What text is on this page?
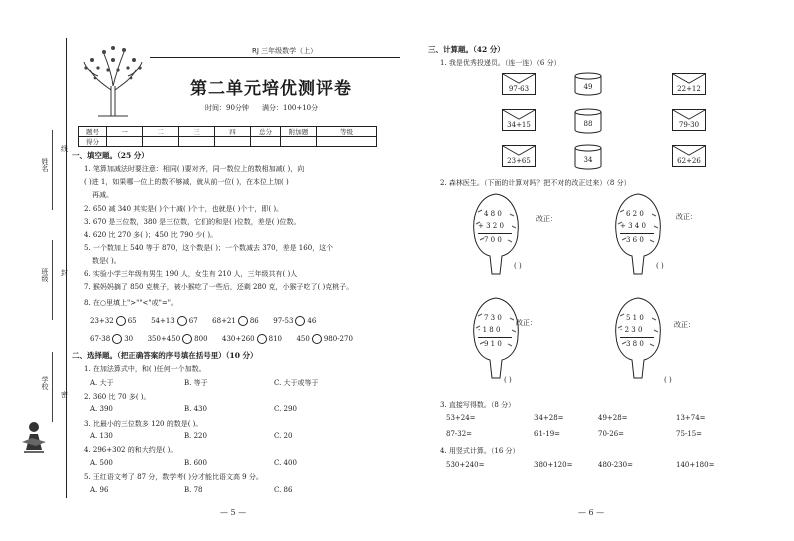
RJ 三年级数学（上）
第二单元培优测评卷
时间：90分钟 满分：100+10分
题号	一	二	三	四	总分	附加题	等级
得分							
姓名
班级
学校
线
封
密
一、填空题。（25 分）
1. 笔算加减法时要注意：相同( )要对齐，同一数位上的数相加减( )，向
( )进 1，如果哪一位上的数不够减，就从前一位( )，在本位上加( )
再减。
2. 650 减 340 其实是( )个十减( )个十，也就是( )个十，即( )。
3. 670 是三位数，380 是三位数，它们的和是( )位数，差是( )位数。
4. 620 比 270 多( )；450 比 790 少( )。
5. 一个数加上 540 等于 870，这个数是( )；一个数减去 370，差是 160，这个
数是( )。
6. 实验小学三年级有男生 190 人，女生有 210 人，三年级共有( )人
7. 猴妈妈摘了 850 克桃子，被小猴吃了一些后，还剩 280 克，小猴子吃了( )克桃子。
8. 在○里填上">""<"或"="。
23+32 65 54+13 67 68+21 86 97-53 46
67-38 30 350+450 800 430+260 810 450 980-270
二、选择题。（把正确答案的序号填在括号里）（10 分）
1. 在加法算式中，和( )任何一个加数。
A. 大于	B. 等于	C. 大于或等于
2. 360 比 70 多( )。
A. 390	B. 430	C. 290
3. 比最小的三位数多 120 的数是( )。
A. 130	B. 220	C. 20
4. 296+302 的和大约是( )。
A. 500	B. 600	C. 400
5. 王红语文考了 87 分，数学考( )分才能比语文高 9 分。
A. 96	B. 78	C. 86
— 5 —
三、计算题。（42 分）
1. 我是优秀投递员。（连一连）（6 分）
97-63
34+15
23+65
22+12
79-30
62+26
49
88
34
2. 森林医生。（下面的计算对吗？把不对的改正过来）（8 分）
4 8 0
+ 3 2 0
7 0 0
改正：
( )
6 2 0
+ 3 4 0
3 6 0
改正：
( )
7 3 0
- 1 8 0
9 1 0
改正：
( )
5 1 0
- 2 3 0
3 8 0
改正：
( )
3. 直接写得数。（8 分）
53+24=	34+28=	49+28=	13+74=
87-32=	61-19=	70-26=	75-15=
4. 用竖式计算。（16 分）
530+240=	380+120=	480-230=	140+180=
— 6 —
